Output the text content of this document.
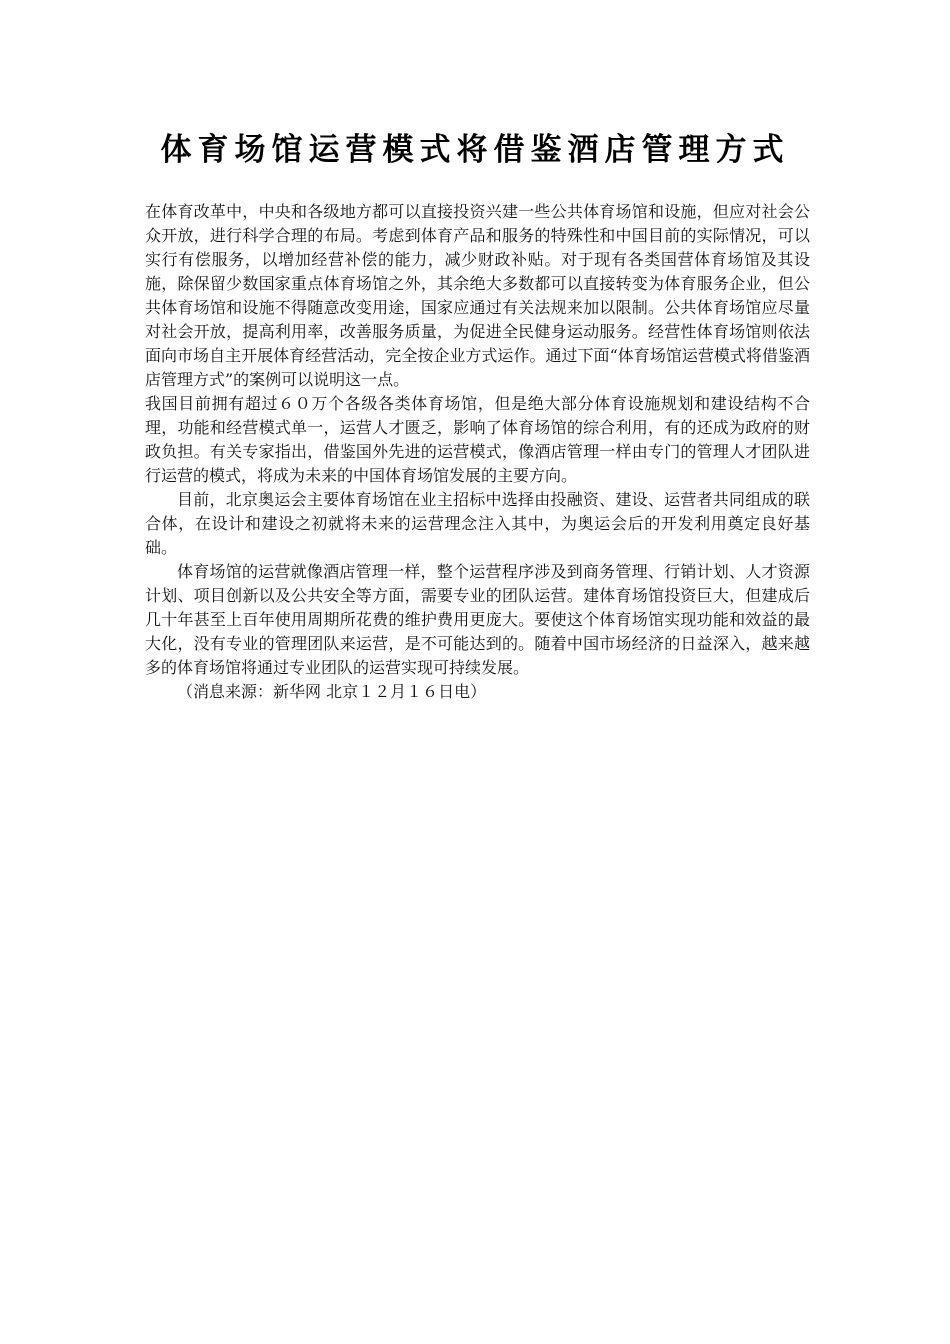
体育场馆运营模式将借鉴酒店管理方式

在体育改革中，中央和各级地方都可以直接投资兴建一些公共体育场馆和设施，但应对社会公众开放，进行科学合理的布局。考虑到体育产品和服务的特殊性和中国目前的实际情况，可以实行有偿服务，以增加经营补偿的能力，减少财政补贴。对于现有各类国营体育场馆及其设施，除保留少数国家重点体育场馆之外，其余绝大多数都可以直接转变为体育服务企业，但公共体育场馆和设施不得随意改变用途，国家应通过有关法规来加以限制。公共体育场馆应尽量对社会开放，提高利用率，改善服务质量，为促进全民健身运动服务。经营性体育场馆则依法面向市场自主开展体育经营活动，完全按企业方式运作。通过下面“体育场馆运营模式将借鉴酒店管理方式”的案例可以说明这一点。

我国目前拥有超过６０万个各级各类体育场馆，但是绝大部分体育设施规划和建设结构不合理，功能和经营模式单一，运营人才匮乏，影响了体育场馆的综合利用，有的还成为政府的财政负担。有关专家指出，借鉴国外先进的运营模式，像酒店管理一样由专门的管理人才团队进行运营的模式，将成为未来的中国体育场馆发展的主要方向。

目前，北京奥运会主要体育场馆在业主招标中选择由投融资、建设、运营者共同组成的联合体，在设计和建设之初就将未来的运营理念注入其中，为奥运会后的开发利用奠定良好基础。

体育场馆的运营就像酒店管理一样，整个运营程序涉及到商务管理、行销计划、人才资源计划、项目创新以及公共安全等方面，需要专业的团队运营。建体育场馆投资巨大，但建成后几十年甚至上百年使用周期所花费的维护费用更庞大。要使这个体育场馆实现功能和效益的最大化，没有专业的管理团队来运营，是不可能达到的。随着中国市场经济的日益深入，越来越多的体育场馆将通过专业团队的运营实现可持续发展。

（消息来源：新华网 北京１２月１６日电）
